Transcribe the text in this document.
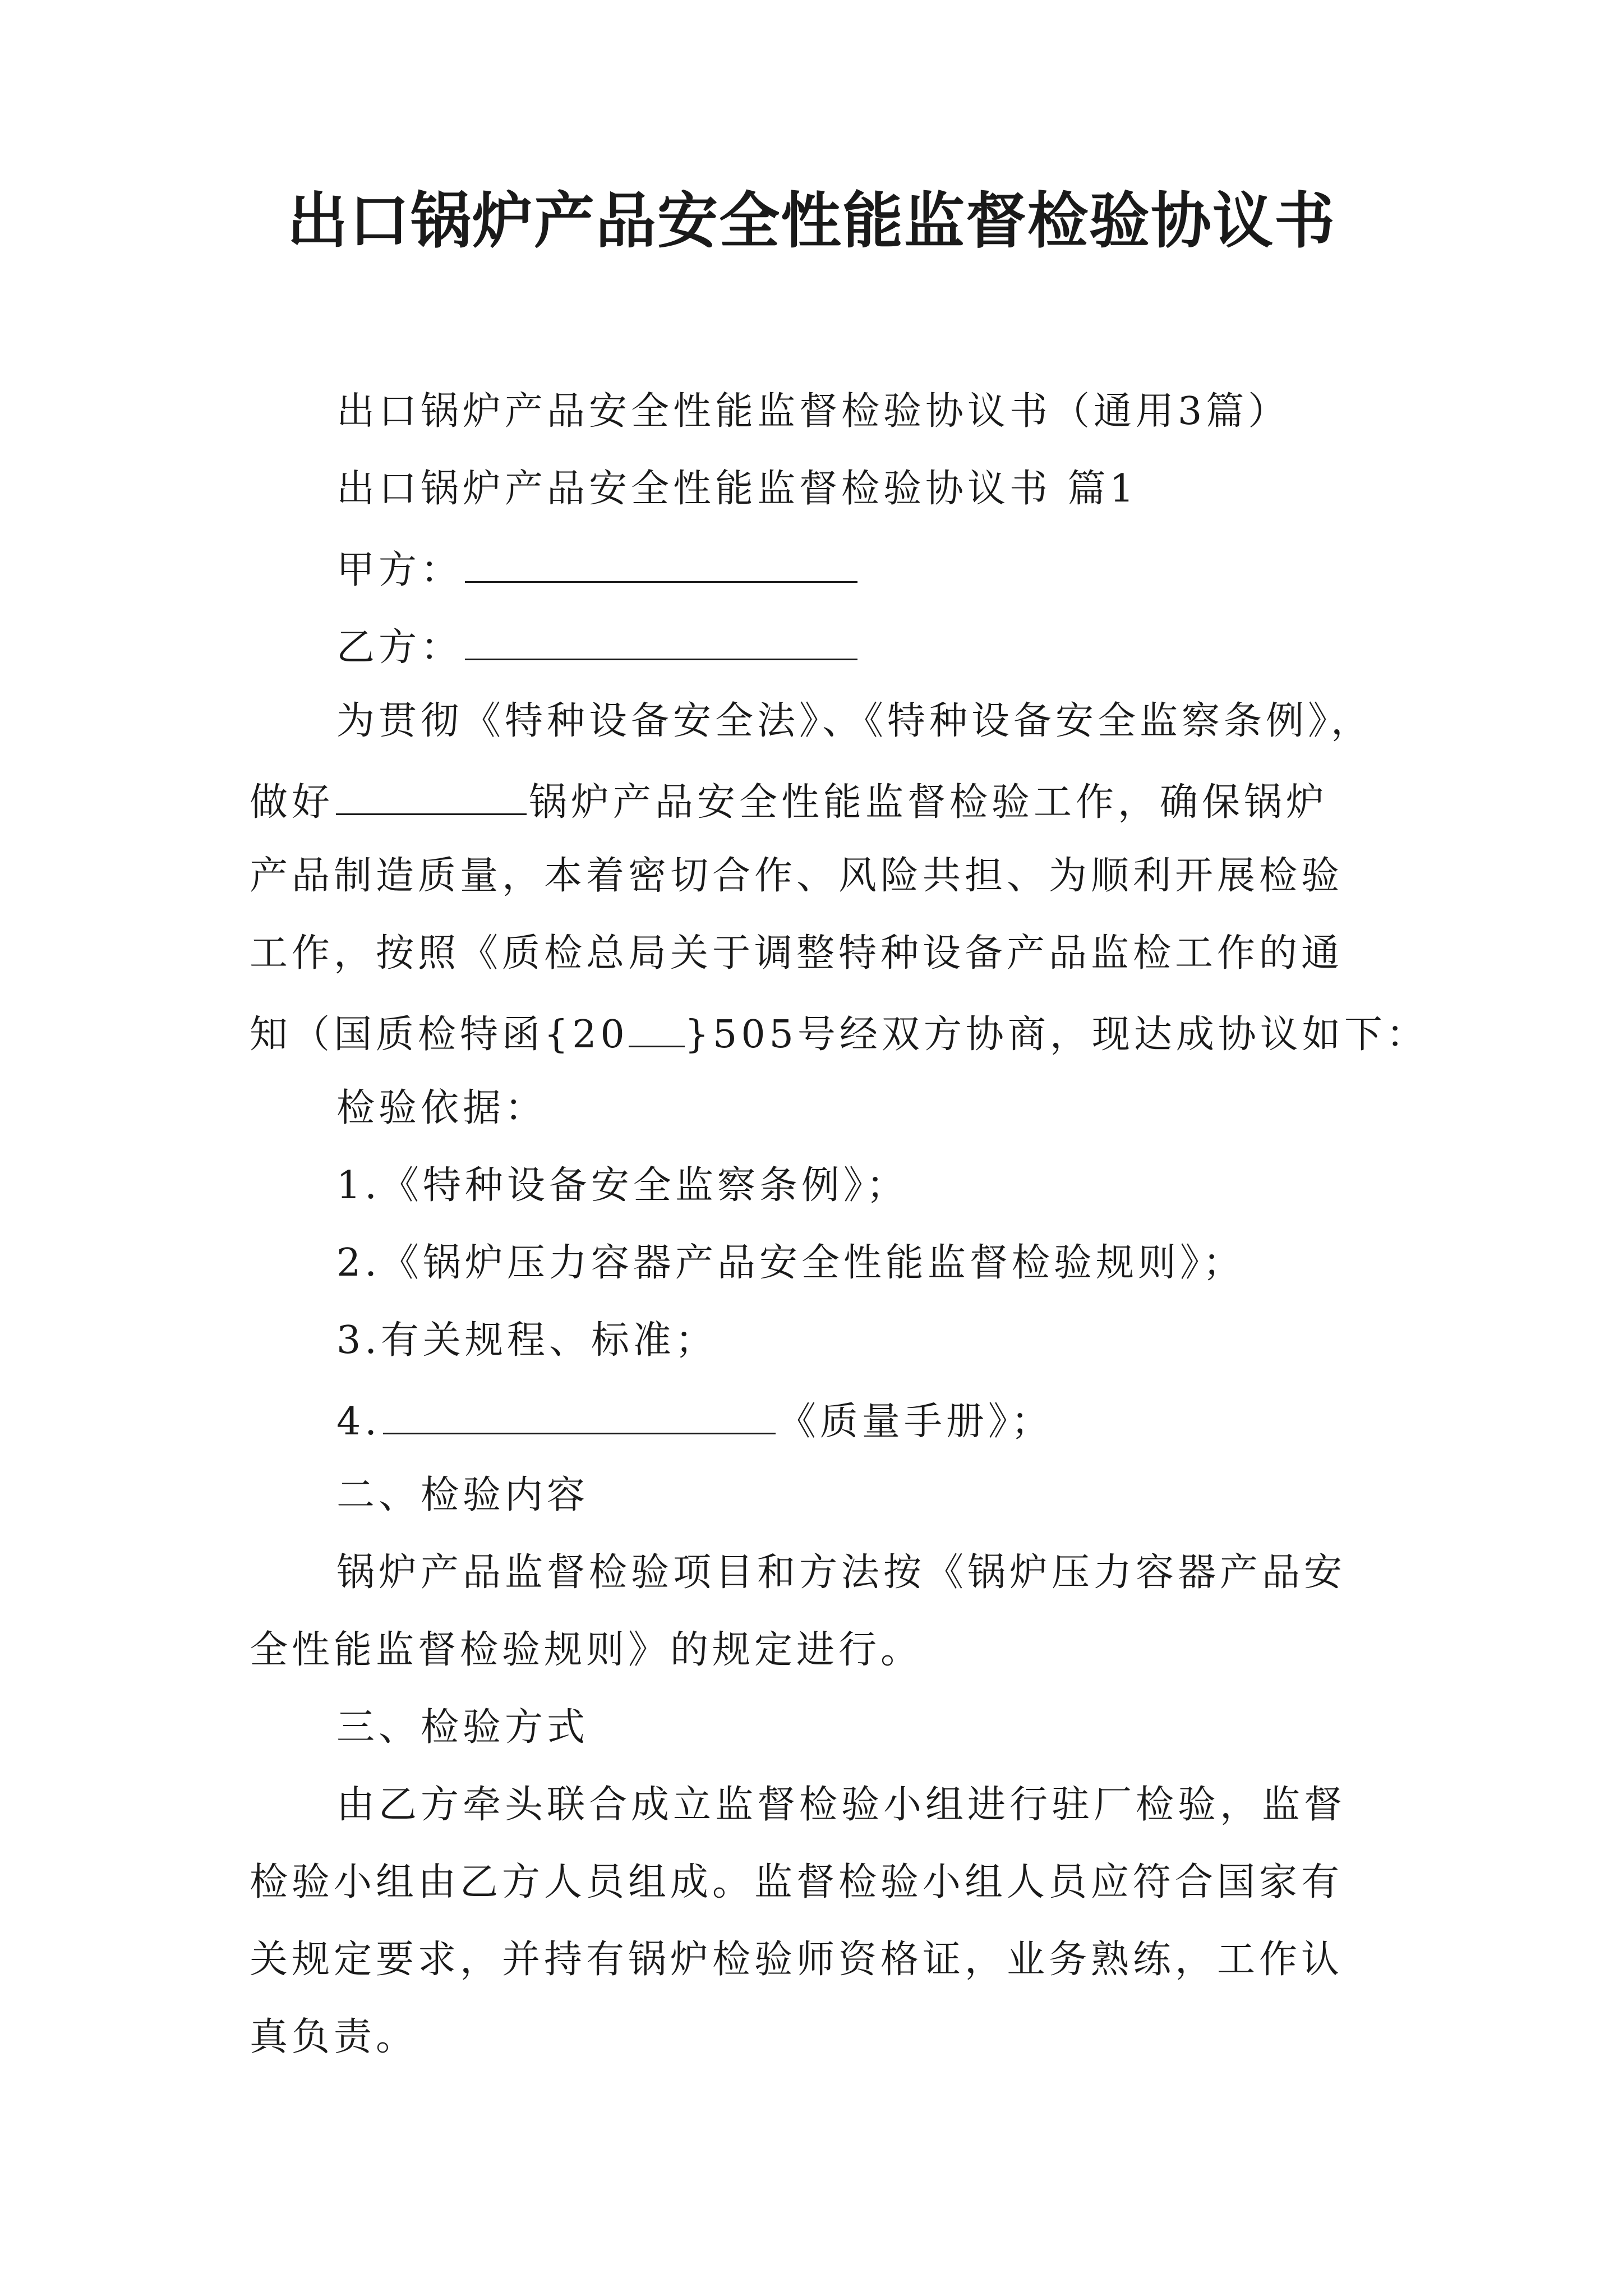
出口锅炉产品安全性能监督检验协议书
出口锅炉产品安全性能监督检验协议书（通用3篇）
出口锅炉产品安全性能监督检验协议书 篇1
甲方：
乙方：
为贯彻《特种设备安全法》、《特种设备安全监察条例》，
做好	锅炉产品安全性能监督检验工作，确保锅炉
产品制造质量，本着密切合作、风险共担、为顺利开展检验
工作，按照《质检总局关于调整特种设备产品监检工作的通
知（国质检特函{20 }505号经双方协商，现达成协议如下：
检验依据：
1.《特种设备安全监察条例》；
2.《锅炉压力容器产品安全性能监督检验规则》；
3.有关规程、标准；
4.	《质量手册》；
二、检验内容
锅炉产品监督检验项目和方法按《锅炉压力容器产品安
全性能监督检验规则》的规定进行。
三、检验方式
由乙方牵头联合成立监督检验小组进行驻厂检验，监督
检验小组由乙方人员组成。监督检验小组人员应符合国家有
关规定要求，并持有锅炉检验师资格证，业务熟练，工作认
真负责。
